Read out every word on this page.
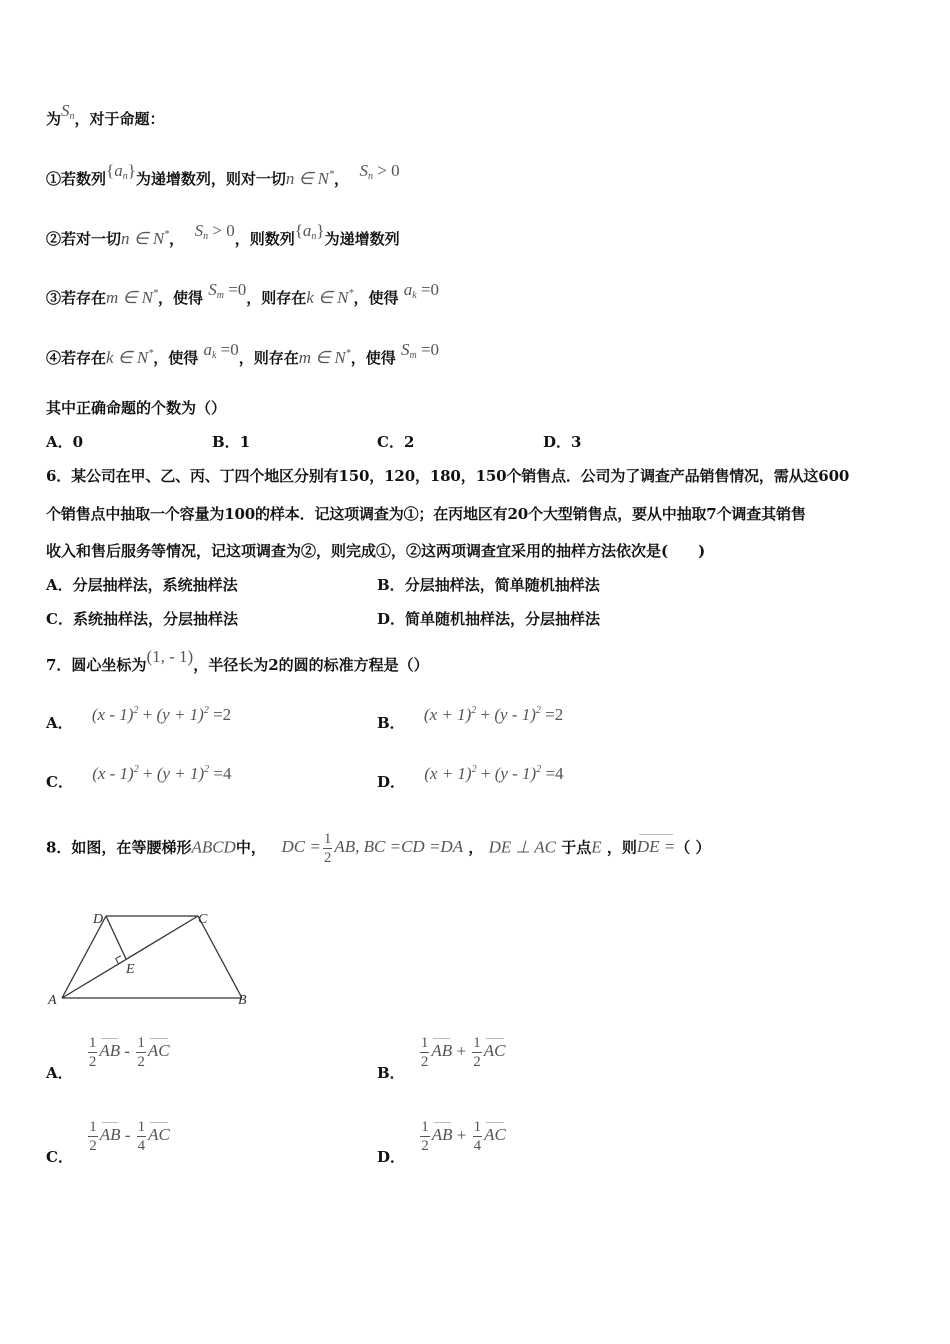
为$S_n$，对于命题：
①若数列$\{a_n\}$为递增数列，则对一切n ∈ N*， $S_n > 0$
②若对一切n ∈ N*， $S_n > 0$，则数列$\{a_n\}$为递增数列
③若存在m ∈ N*，使得 $S_m =0$，则存在k ∈ N*，使得 $a_k =0$
④若存在k ∈ N*，使得 $a_k =0$，则存在m ∈ N*，使得 $S_m =0$
其中正确命题的个数为（）
A．0	B．1	C．2	D．3
6．某公司在甲、乙、丙、丁四个地区分别有150，120，180，150个销售点．公司为了调查产品销售情况，需从这600
个销售点中抽取一个容量为100的样本．记这项调查为①；在丙地区有20个大型销售点，要从中抽取7个调查其销售
收入和售后服务等情况，记这项调查为②，则完成①，②这两项调查宜采用的抽样方法依次是(　　)
A．分层抽样法，系统抽样法	B．分层抽样法，简单随机抽样法
C．系统抽样法，分层抽样法	D．简单随机抽样法，分层抽样法
7．圆心坐标为(1, - 1)，半径长为2的圆的标准方程是（）
A． $(x - 1)^2 + (y + 1)^2 =2$	B． $(x + 1)^2 + (y - 1)^2 =2$
C． $(x - 1)^2 + (y + 1)^2 =4$	D． $(x + 1)^2 + (y - 1)^2 =4$
8．如图，在等腰梯形ABCD中， DC = $\frac{1}{2}$ AB, BC =CD =DA ， DE ⊥ AC 于点E ，则DE =（ ）
A	B
C
D
E
A．
$\frac{1}{2}$ AB - $\frac{1}{2}$ AC
B．
$\frac{1}{2}$ AB + $\frac{1}{2}$ AC
C．
$\frac{1}{2}$ AB - $\frac{1}{4}$ AC
D．
$\frac{1}{2}$ AB + $\frac{1}{4}$ AC
